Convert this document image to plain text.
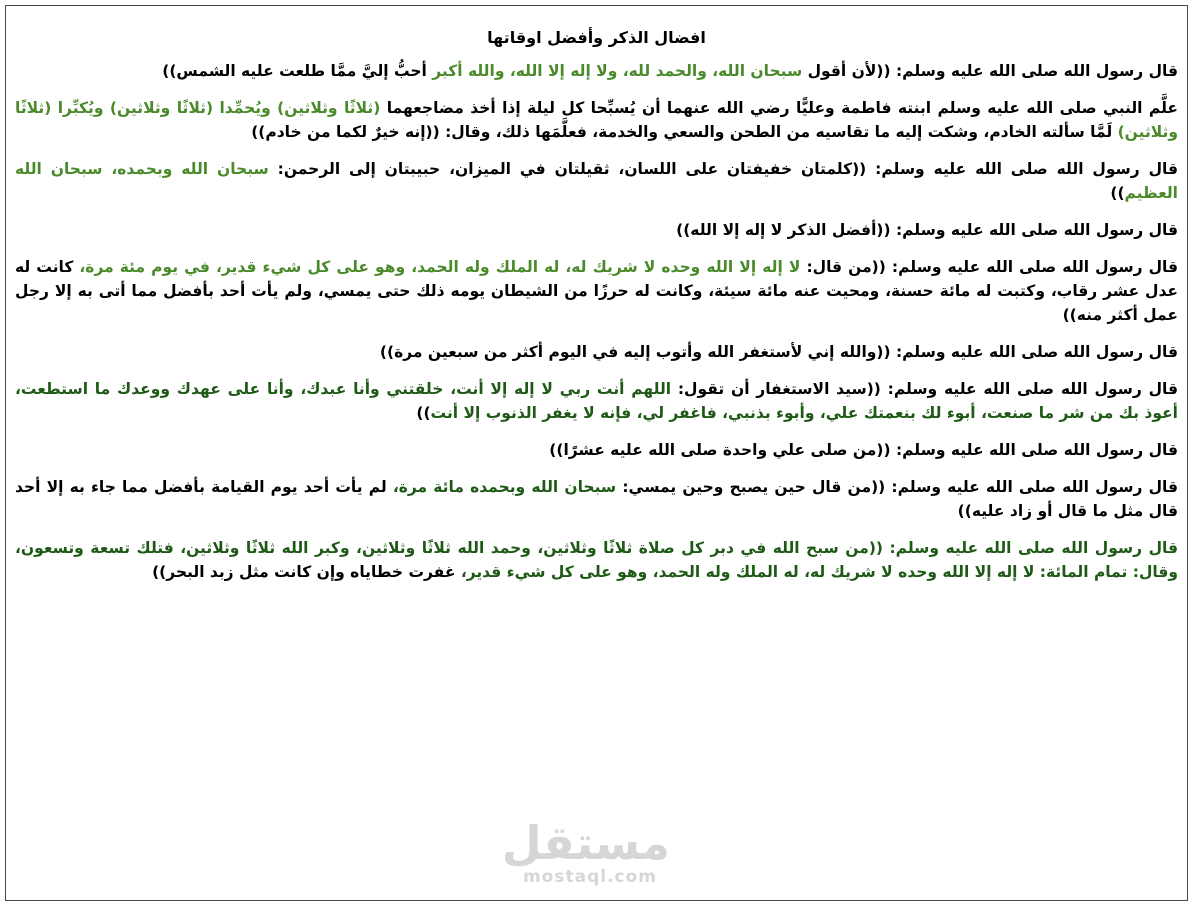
افضال الذكر وأفضل اوقاتها
قال رسول الله صلى الله عليه وسلم: ((لأن أقول سبحان الله، والحمد لله، ولا إله إلا الله، والله أكبر أحبُّ إليَّ ممَّا طلعت عليه الشمس))
علَّم النبي صلى الله عليه وسلم ابنته فاطمة وعليًّا رضي الله عنهما أن يُسبِّحا كل ليلة إذا أخذ مضاجعهما (ثلاثًا وثلاثين) ويُحمِّدا (ثلاثًا وثلاثين) ويُكبِّرا (ثلاثًا وثلاثين) لَمَّا سألته الخادم، وشكت إليه ما تقاسيه من الطحن والسعي والخدمة، فعلَّمَها ذلك، وقال: ((إنه خيرٌ لكما من خادم))
قال رسول الله صلى الله عليه وسلم: ((كلمتان خفيفتان على اللسان، ثقيلتان في الميزان، حبيبتان إلى الرحمن: سبحان الله وبحمده، سبحان الله العظيم))
قال رسول الله صلى الله عليه وسلم: ((أفضل الذكر لا إله إلا الله))
قال رسول الله صلى الله عليه وسلم: ((من قال: لا إله إلا الله وحده لا شريك له، له الملك وله الحمد، وهو على كل شيء قدير، في يوم مئة مرة، كانت له عدل عشر رقاب، وكتبت له مائة حسنة، ومحيت عنه مائة سيئة، وكانت له حرزًا من الشيطان يومه ذلك حتى يمسي، ولم يأت أحد بأفضل مما أتى به إلا رجل عمل أكثر منه))
قال رسول الله صلى الله عليه وسلم: ((والله إني لأستغفر الله وأتوب إليه في اليوم أكثر من سبعين مرة))
قال رسول الله صلى الله عليه وسلم: ((سيد الاستغفار أن تقول: اللهم أنت ربي لا إله إلا أنت، خلقتني وأنا عبدك، وأنا على عهدك ووعدك ما استطعت، أعوذ بك من شر ما صنعت، أبوء لك بنعمتك علي، وأبوء بذنبي، فاغفر لي، فإنه لا يغفر الذنوب إلا أنت))
قال رسول الله صلى الله عليه وسلم: ((من صلى علي واحدة صلى الله عليه عشرًا))
قال رسول الله صلى الله عليه وسلم: ((من قال حين يصبح وحين يمسي: سبحان الله وبحمده مائة مرة، لم يأت أحد يوم القيامة بأفضل مما جاء به إلا أحد قال مثل ما قال أو زاد عليه))
قال رسول الله صلى الله عليه وسلم: ((من سبح الله في دبر كل صلاة ثلاثًا وثلاثين، وحمد الله ثلاثًا وثلاثين، وكبر الله ثلاثًا وثلاثين، فتلك تسعة وتسعون، وقال: تمام المائة: لا إله إلا الله وحده لا شريك له، له الملك وله الحمد، وهو على كل شيء قدير، غفرت خطاياه وإن كانت مثل زبد البحر))
مستقل
mostaql.com
